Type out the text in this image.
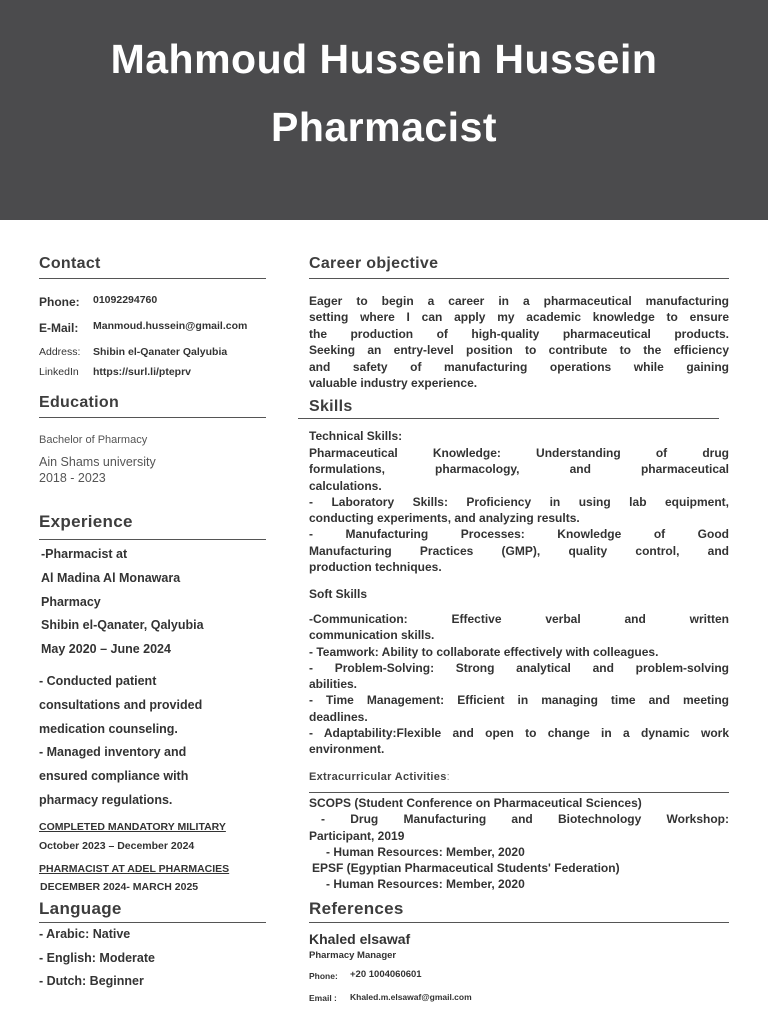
Mahmoud Hussein Hussein
Pharmacist
Contact
Phone: 01092294760
E-Mail: Manmoud.hussein@gmail.com
Address: Shibin el-Qanater Qalyubia
LinkedIn https://surl.li/pteprv
Education
Bachelor of Pharmacy
Ain Shams university
2018 - 2023
Experience
-Pharmacist at
Al Madina Al Monawara
Pharmacy
Shibin el-Qanater, Qalyubia
May 2020 – June 2024
- Conducted patient
consultations and provided
medication counseling.
- Managed inventory and
ensured compliance with
pharmacy regulations.
COMPLETED MANDATORY MILITARY
October 2023 – December 2024
PHARMACIST AT ADEL PHARMACIES
DECEMBER 2024- MARCH 2025
Language
- Arabic: Native
- English: Moderate
- Dutch: Beginner
Career objective
Eager to begin a career in a pharmaceutical manufacturing
setting where I can apply my academic knowledge to ensure
the production of high-quality pharmaceutical products.
Seeking an entry-level position to contribute to the efficiency
and safety of manufacturing operations while gaining
valuable industry experience.
Skills
Technical Skills:
Pharmaceutical Knowledge: Understanding of drug
formulations, pharmacology, and pharmaceutical
calculations.
- Laboratory Skills: Proficiency in using lab equipment,
conducting experiments, and analyzing results.
- Manufacturing Processes: Knowledge of Good
Manufacturing Practices (GMP), quality control, and
production techniques.
Soft Skills
-Communication: Effective verbal and written
communication skills.
- Teamwork: Ability to collaborate effectively with colleagues.
- Problem-Solving: Strong analytical and problem-solving
abilities.
- Time Management: Efficient in managing time and meeting
deadlines.
- Adaptability:Flexible and open to change in a dynamic work
environment.
Extracurricular Activities:
SCOPS (Student Conference on Pharmaceutical Sciences)
- Drug Manufacturing and Biotechnology Workshop:
Participant, 2019
- Human Resources: Member, 2020
EPSF (Egyptian Pharmaceutical Students' Federation)
- Human Resources: Member, 2020
References
Khaled elsawaf
Pharmacy Manager
Phone: +20 1004060601
Email : Khaled.m.elsawaf@gmail.com
